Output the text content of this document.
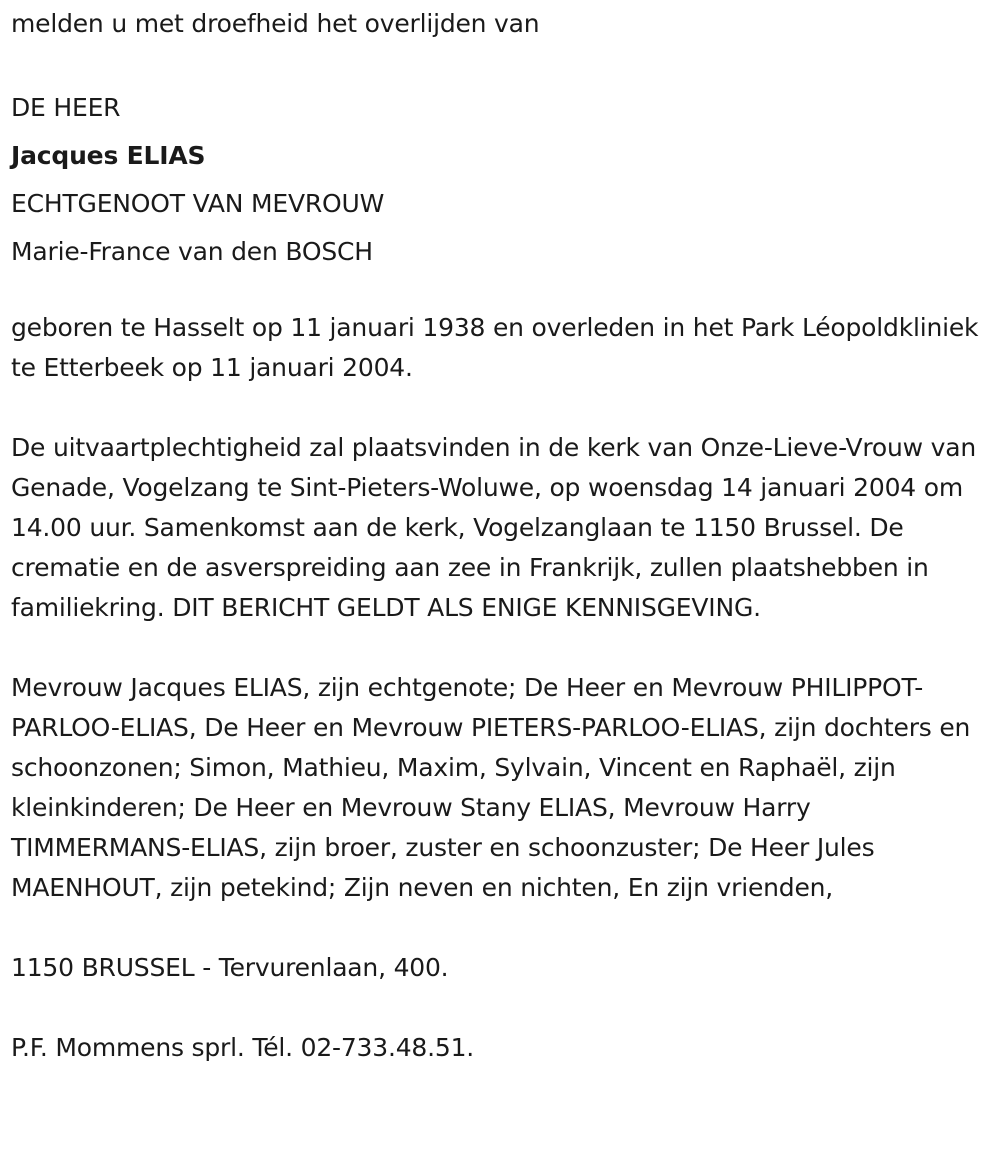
melden u met droefheid het overlijden van

DE HEER

Jacques ELIAS

ECHTGENOOT VAN MEVROUW

Marie-France van den BOSCH

geboren te Hasselt op 11 januari 1938 en overleden in het Park Léopoldkliniek te Etterbeek op 11 januari 2004.

De uitvaartplechtigheid zal plaatsvinden in de kerk van Onze-Lieve-Vrouw van Genade, Vogelzang te Sint-Pieters-Woluwe, op woensdag 14 januari 2004 om 14.00 uur. Samenkomst aan de kerk, Vogelzanglaan te 1150 Brussel. De crematie en de asverspreiding aan zee in Frankrijk, zullen plaatshebben in familiekring. DIT BERICHT GELDT ALS ENIGE KENNISGEVING.

Mevrouw Jacques ELIAS, zijn echtgenote; De Heer en Mevrouw PHILIPPOT-PARLOO-ELIAS, De Heer en Mevrouw PIETERS-PARLOO-ELIAS, zijn dochters en schoonzonen; Simon, Mathieu, Maxim, Sylvain, Vincent en Raphaël, zijn kleinkinderen; De Heer en Mevrouw Stany ELIAS, Mevrouw Harry TIMMERMANS-ELIAS, zijn broer, zuster en schoonzuster; De Heer Jules MAENHOUT, zijn petekind; Zijn neven en nichten, En zijn vrienden,

1150 BRUSSEL - Tervurenlaan, 400.

P.F. Mommens sprl. Tél. 02-733.48.51.
